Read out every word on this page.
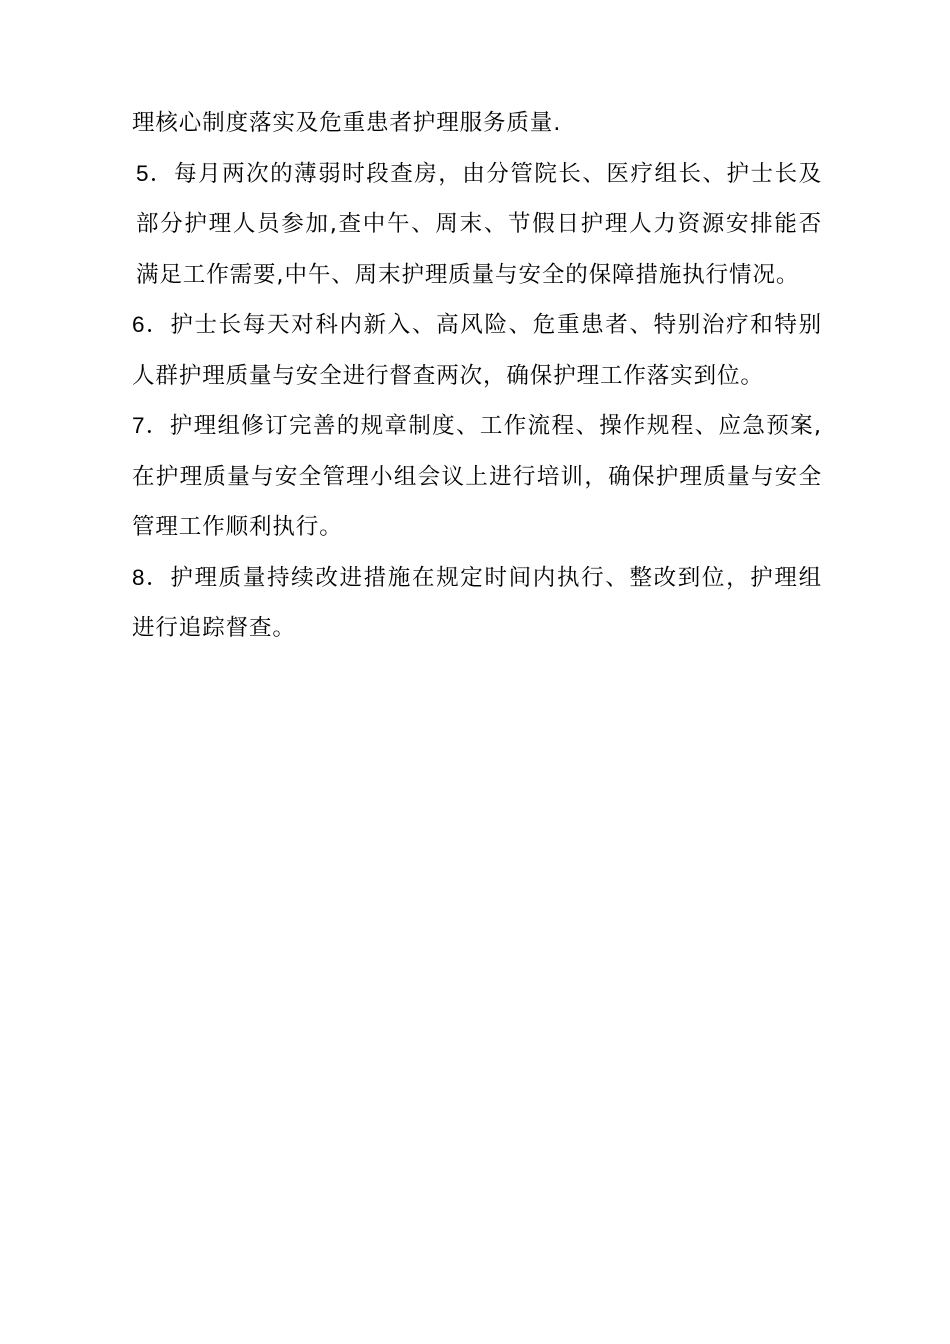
理核心制度落实及危重患者护理服务质量.

5．每月两次的薄弱时段查房，由分管院长、医疗组长、护士长及部分护理人员参加,查中午、周末、节假日护理人力资源安排能否满足工作需要,中午、周末护理质量与安全的保障措施执行情况。

6．护士长每天对科内新入、高风险、危重患者、特别治疗和特别人群护理质量与安全进行督查两次，确保护理工作落实到位。

7．护理组修订完善的规章制度、工作流程、操作规程、应急预案,在护理质量与安全管理小组会议上进行培训，确保护理质量与安全管理工作顺利执行。

8．护理质量持续改进措施在规定时间内执行、整改到位，护理组进行追踪督查。
